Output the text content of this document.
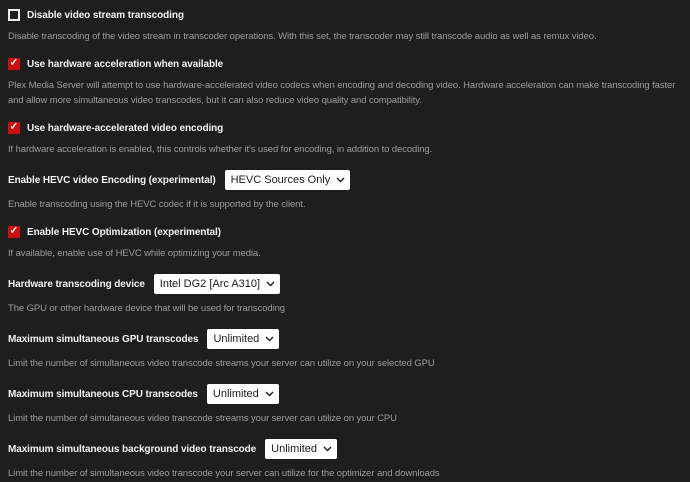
Disable video stream transcoding
Disable transcoding of the video stream in transcoder operations. With this set, the transcoder may still transcode audio as well as remux video.
✓ Use hardware acceleration when available
Plex Media Server will attempt to use hardware-accelerated video codecs when encoding and decoding video. Hardware acceleration can make transcoding faster and allow more simultaneous video transcodes, but it can also reduce video quality and compatibility.
✓ Use hardware-accelerated video encoding
If hardware acceleration is enabled, this controls whether it's used for encoding, in addition to decoding.
Enable HEVC video Encoding (experimental) HEVC Sources Only
Enable transcoding using the HEVC codec if it is supported by the client.
✓ Enable HEVC Optimization (experimental)
If available, enable use of HEVC while optimizing your media.
Hardware transcoding device Intel DG2 [Arc A310]
The GPU or other hardware device that will be used for transcoding
Maximum simultaneous GPU transcodes Unlimited
Limit the number of simultaneous video transcode streams your server can utilize on your selected GPU
Maximum simultaneous CPU transcodes Unlimited
Limit the number of simultaneous video transcode streams your server can utilize on your CPU
Maximum simultaneous background video transcode Unlimited
Limit the number of simultaneous video transcode your server can utilize for the optimizer and downloads
